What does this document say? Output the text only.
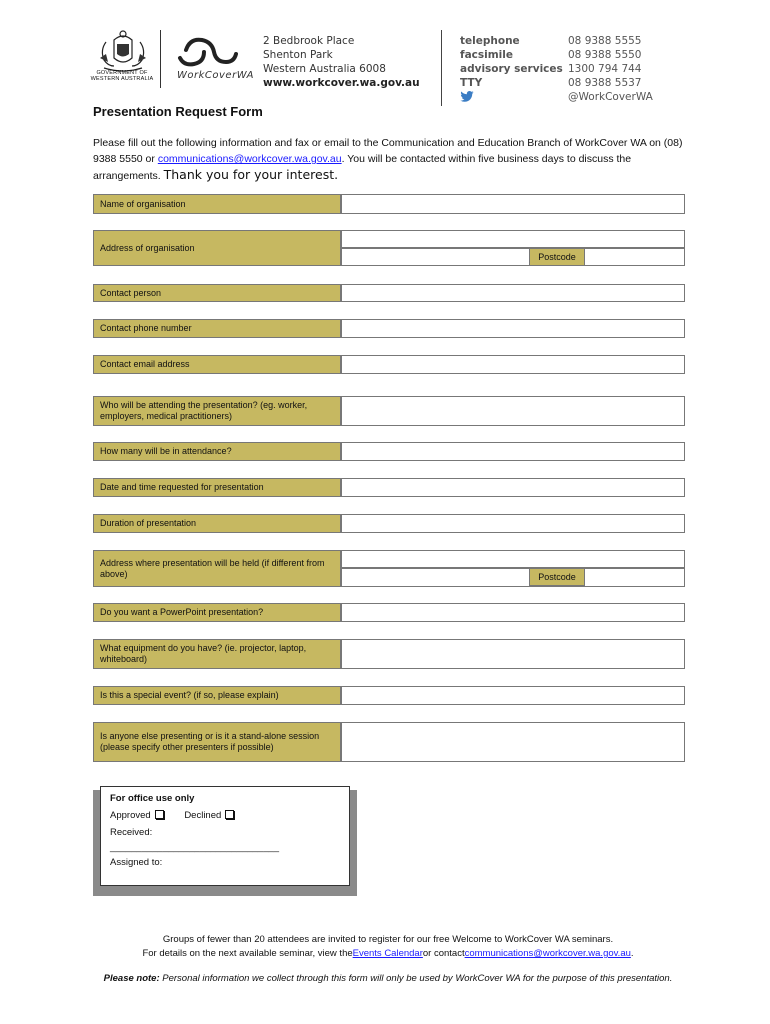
GOVERNMENT OF
WESTERN AUSTRALIA WorkCoverWA
2 Bedbrook Place
Shenton Park
Western Australia 6008
www.workcover.wa.gov.au
telephone
facsimile
advisory services
TTY
08 9388 5555
08 9388 5550
1300 794 744
08 9388 5537
@WorkCoverWA
Presentation Request Form
Please fill out the following information and fax or email to the Communication and Education Branch of WorkCover WA on (08) 9388 5550 or communications@workcover.wa.gov.au. You will be contacted within five business days to discuss the arrangements. Thank you for your interest.
Name of organisation
Address of organisation
Postcode
Contact person
Contact phone number
Contact email address
Who will be attending the presentation? (eg. worker, employers, medical practitioners)
How many will be in attendance?
Date and time requested for presentation
Duration of presentation
Address where presentation will be held (if different from above)	Postcode
Do you want a PowerPoint presentation?
What equipment do you have? (ie. projector, laptop, whiteboard)
Is this a special event? (if so, please explain)
Is anyone else presenting or is it a stand-alone session (please specify other presenters if possible)
For office use only
Approved	Declined
Received:
________________________________
Assigned to:
Groups of fewer than 20 attendees are invited to register for our free Welcome to WorkCover WA seminars.
For details on the next available seminar, view theEvents Calendaror contactcommunications@workcover.wa.gov.au.
Please note: Personal information we collect through this form will only be used by WorkCover WA for the purpose of this presentation.
